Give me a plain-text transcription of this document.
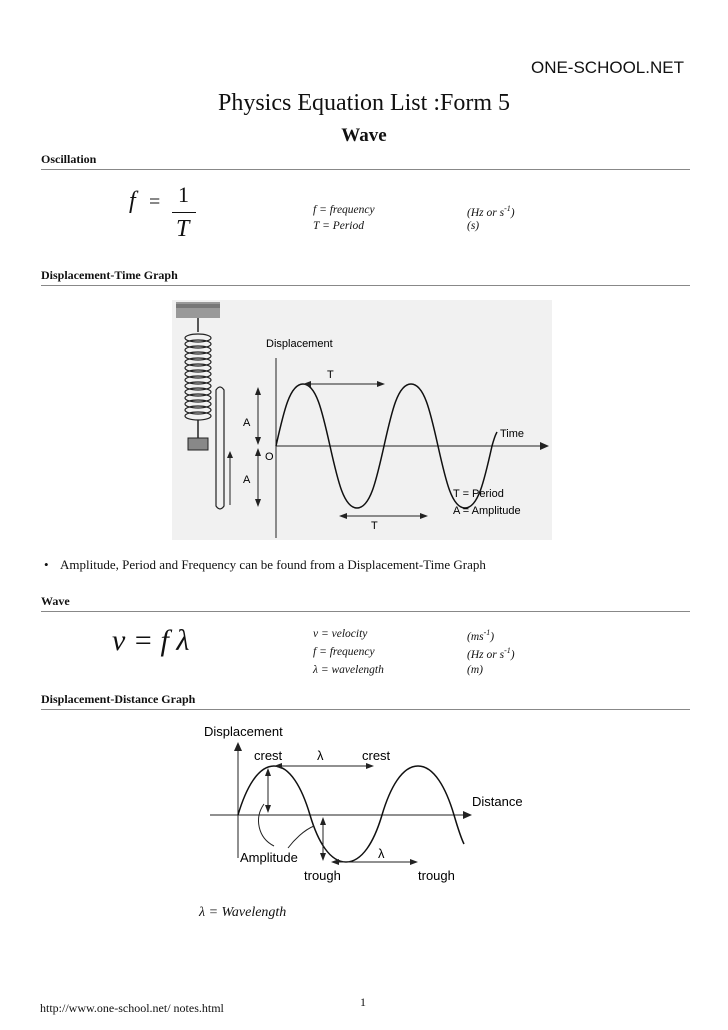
ONE-SCHOOL.NET
Physics Equation List :Form 5
Wave
Oscillation
f = 1
T
f = frequency	(Hz or $s^{-1}$)
T = Period	(s)
Displacement-Time Graph
Displacement
Time
O
T
T
A
A
T = Period
A = Amplitude
• Amplitude, Period and Frequency can be found from a Displacement-Time Graph
Wave
v = f λ	v = velocity	$(ms^{-1})$
f = frequency	(Hz or $s^{-1}$)
λ = wavelength	(m)
Displacement-Distance Graph
Displacement
Distance
crest	crest
λ
λ
Amplitude
trough	trough
λ = Wavelength
1
http://www.one-school.net/ notes.html
